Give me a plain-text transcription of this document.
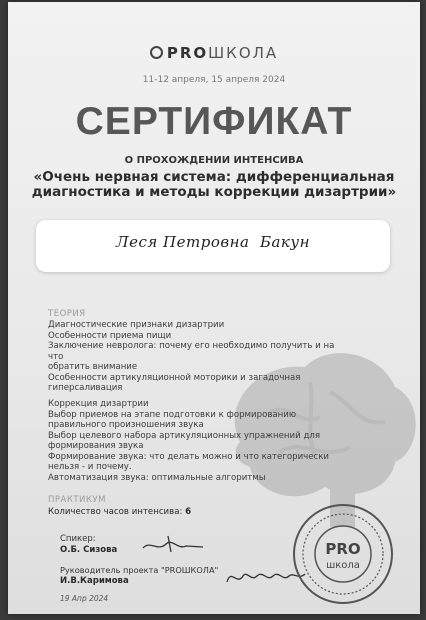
PROШКОЛА
11-12 апреля, 15 апреля 2024
СЕРТИФИКАТ
О ПРОХОЖДЕНИИ ИНТЕНСИВА
«Очень нервная система: дифференциальная диагностика и методы коррекции дизартрии»
Леся Петровна  Бакун
ТЕОРИЯ
Диагностические признаки дизартрии
Особенности приема пищи
Заключение невролога: почему его необходимо получить и на что
обратить внимание
Особенности артикуляционной моторики и загадочная
гиперсаливация
Коррекция дизартрии
Выбор приемов на этапе подготовки к формированию
правильного произношения звука
Выбор целевого набора артикуляционных упражнений для
формирования звука
Формирование звука: что делать можно и что категорически
нельзя - и почему.
Автоматизация звука: оптимальные алгоритмы
ПРАКТИКУМ
Количество часов интенсива: 6
Спикер:
О.Б. Сизова
Руководитель проекта "PROШКОЛА"
И.В.Каримова
19 Апр 2024
PRO
школа
